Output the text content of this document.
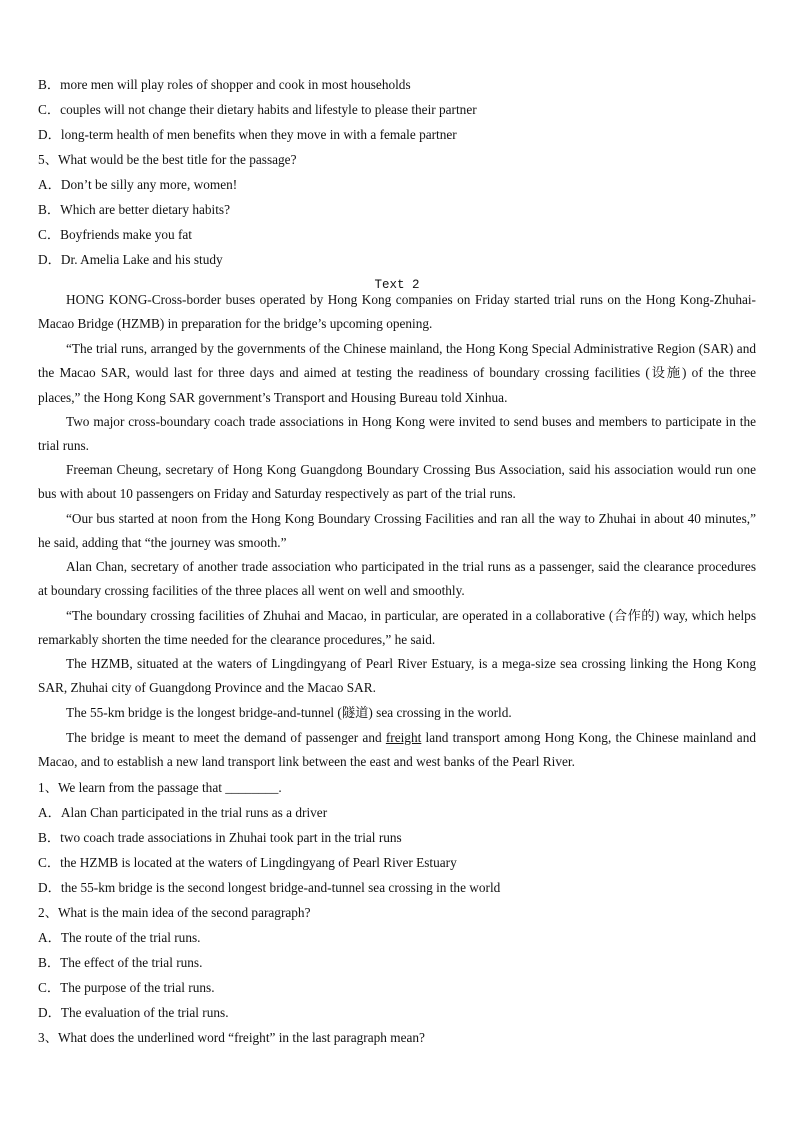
B．more men will play roles of shopper and cook in most households
C．couples will not change their dietary habits and lifestyle to please their partner
D．long-term health of men benefits when they move in with a female partner
5、What would be the best title for the passage?
A．Don’t be silly any more, women!
B．Which are better dietary habits?
C．Boyfriends make you fat
D．Dr. Amelia Lake and his study
Text 2
HONG KONG-Cross-border buses operated by Hong Kong companies on Friday started trial runs on the Hong Kong-Zhuhai-Macao Bridge (HZMB) in preparation for the bridge’s upcoming opening.
“The trial runs, arranged by the governments of the Chinese mainland, the Hong Kong Special Administrative Region (SAR) and the Macao SAR, would last for three days and aimed at testing the readiness of boundary crossing facilities (设施) of the three places,” the Hong Kong SAR government’s Transport and Housing Bureau told Xinhua.
Two major cross-boundary coach trade associations in Hong Kong were invited to send buses and members to participate in the trial runs.
Freeman Cheung, secretary of Hong Kong Guangdong Boundary Crossing Bus Association, said his association would run one bus with about 10 passengers on Friday and Saturday respectively as part of the trial runs.
“Our bus started at noon from the Hong Kong Boundary Crossing Facilities and ran all the way to Zhuhai in about 40 minutes,” he said, adding that “the journey was smooth.”
Alan Chan, secretary of another trade association who participated in the trial runs as a passenger, said the clearance procedures at boundary crossing facilities of the three places all went on well and smoothly.
“The boundary crossing facilities of Zhuhai and Macao, in particular, are operated in a collaborative (合作的) way, which helps remarkably shorten the time needed for the clearance procedures,” he said.
The HZMB, situated at the waters of Lingdingyang of Pearl River Estuary, is a mega-size sea crossing linking the Hong Kong SAR, Zhuhai city of Guangdong Province and the Macao SAR.
The 55-km bridge is the longest bridge-and-tunnel (隧道) sea crossing in the world.
The bridge is meant to meet the demand of passenger and freight land transport among Hong Kong, the Chinese mainland and Macao, and to establish a new land transport link between the east and west banks of the Pearl River.
1、We learn from the passage that ________.
A．Alan Chan participated in the trial runs as a driver
B．two coach trade associations in Zhuhai took part in the trial runs
C．the HZMB is located at the waters of Lingdingyang of Pearl River Estuary
D．the 55-km bridge is the second longest bridge-and-tunnel sea crossing in the world
2、What is the main idea of the second paragraph?
A．The route of the trial runs.
B．The effect of the trial runs.
C．The purpose of the trial runs.
D．The evaluation of the trial runs.
3、What does the underlined word “freight” in the last paragraph mean?
